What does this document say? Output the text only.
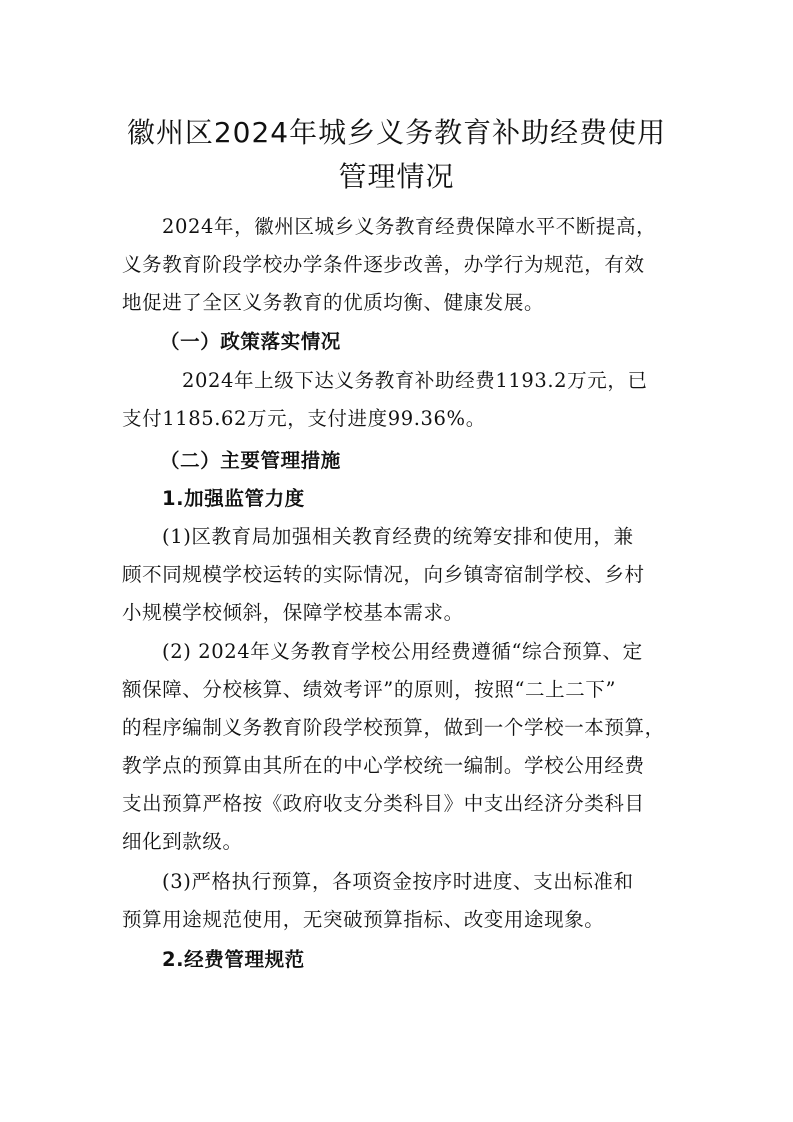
徽州区2024年城乡义务教育补助经费使用
管理情况
2024年，徽州区城乡义务教育经费保障水平不断提高，
义务教育阶段学校办学条件逐步改善，办学行为规范，有效
地促进了全区义务教育的优质均衡、健康发展。
（一）政策落实情况
2024年上级下达义务教育补助经费1193.2万元，已
支付1185.62万元，支付进度99.36%。
（二）主要管理措施
1.加强监管力度
(1)区教育局加强相关教育经费的统筹安排和使用，兼
顾不同规模学校运转的实际情况，向乡镇寄宿制学校、乡村
小规模学校倾斜，保障学校基本需求。
(2) 2024年义务教育学校公用经费遵循“综合预算、定
额保障、分校核算、绩效考评”的原则，按照“二上二下”
的程序编制义务教育阶段学校预算，做到一个学校一本预算，
教学点的预算由其所在的中心学校统一编制。学校公用经费
支出预算严格按《政府收支分类科目》中支出经济分类科目
细化到款级。
(3)严格执行预算，各项资金按序时进度、支出标准和
预算用途规范使用，无突破预算指标、改变用途现象。
2.经费管理规范
